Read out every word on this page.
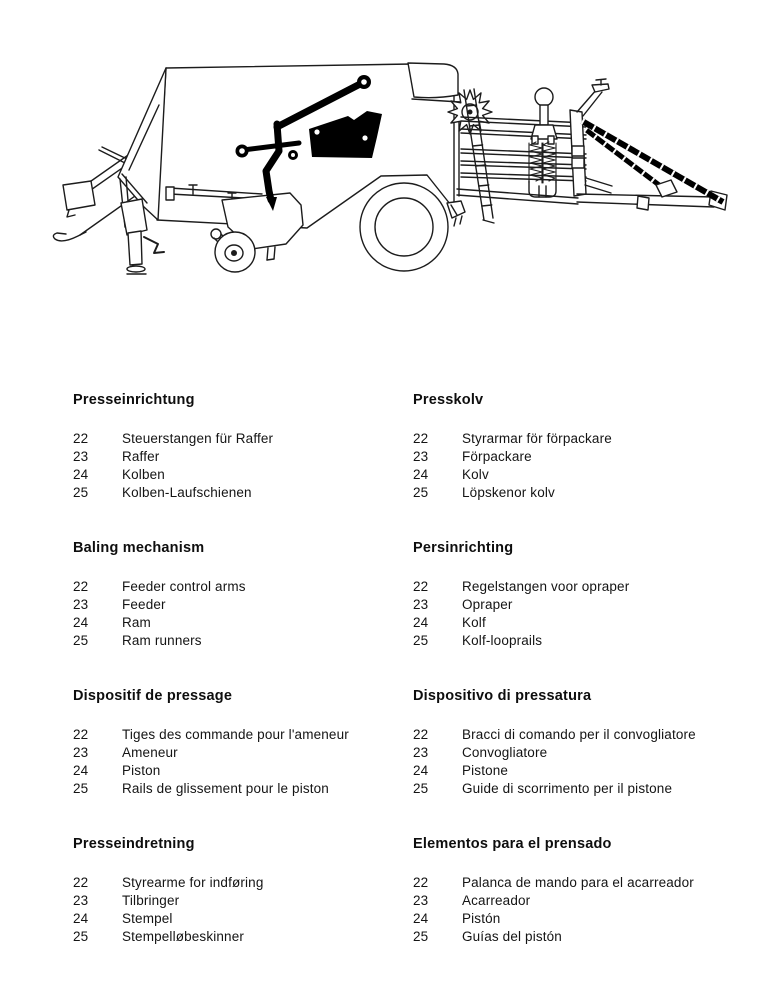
Presseinrichtung
22	Steuerstangen für Raffer
23	Raffer
24	Kolben
25	Kolben-Laufschienen
Presskolv
22	Styrarmar för förpackare
23	Förpackare
24	Kolv
25	Löpskenor kolv
Baling mechanism
22	Feeder control arms
23	Feeder
24	Ram
25	Ram runners
Persinrichting
22	Regelstangen voor opraper
23	Opraper
24	Kolf
25	Kolf-looprails
Dispositif de pressage
22	Tiges des commande pour l'ameneur
23	Ameneur
24	Piston
25	Rails de glissement pour le piston
Dispositivo di pressatura
22	Bracci di comando per il convogliatore
23	Convogliatore
24	Pistone
25	Guide di scorrimento per il pistone
Presseindretning
22	Styrearme for indføring
23	Tilbringer
24	Stempel
25	Stempelløbeskinner
Elementos para el prensado
22	Palanca de mando para el acarreador
23	Acarreador
24	Pistón
25	Guías del pistón
